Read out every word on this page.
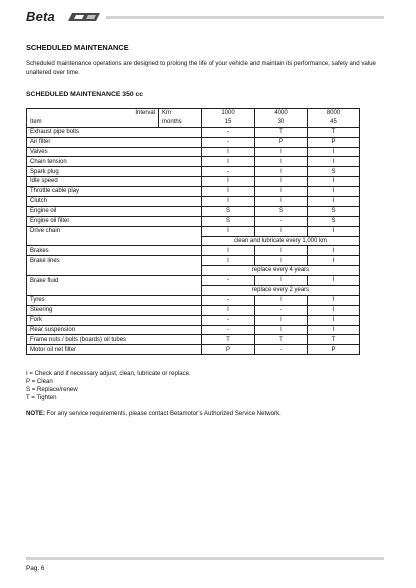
Beta
SCHEDULED MAINTENANCE
Scheduled maintenance operations are designed to prolong the life of your vehicle and maintain its performance, safety and value unaltered over time.
SCHEDULED MAINTENANCE 350 cc
Interval	Km	1000	4000	8000
Item	months	15	30	45
Exhaust pipe bolts		-	T	T
Air filter		-	P	P
Valves		I	I	I
Chain tension		I	I	I
Spark plug		-	I	S
Idle speed		I	I	I
Throttle cable play		I	I	I
Clutch		I	I	I
Engine oil		S	S	S
Engine oil filter		S	-	S
Drive chain		I	I	I
		clean and lubricate every 1,000 km		
Brakes		I	I	I
Brake lines		I	I	I
		replace every 4 years		
Brake fluid		-	I	I
		replace every 2 years		
Tyres		-	I	I
Steering		I	-	I
Fork		-	I	I
Rear suspension		-	I	I
Frame nuts / bolts (boards) oil tubes		T	T	T
Motor oil net filter		P	-	P
I = Check and if necessary adjust, clean, lubricate or replace.
P = Clean
S = Replace/renew
T = Tighten
NOTE: For any service requirements, please contact Betamotor’s Authorized Service Network.
Pag. 6
